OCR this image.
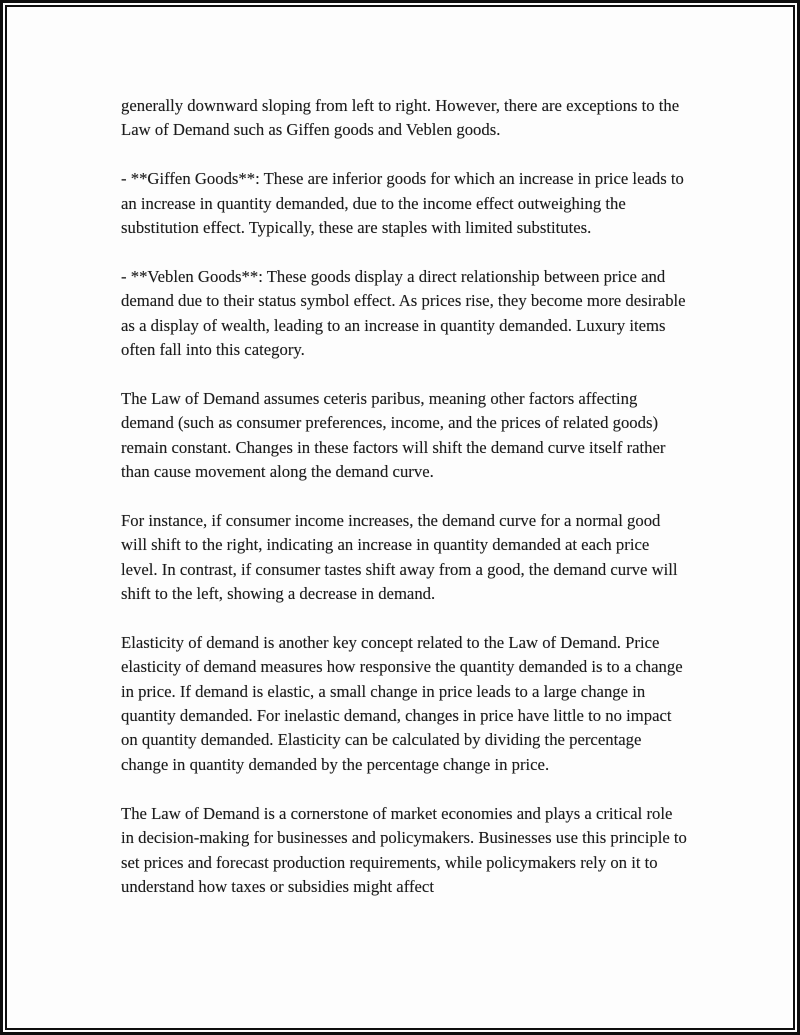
generally downward sloping from left to right. However, there are exceptions to the Law of Demand such as Giffen goods and Veblen goods.

- **Giffen Goods**: These are inferior goods for which an increase in price leads to an increase in quantity demanded, due to the income effect outweighing the substitution effect. Typically, these are staples with limited substitutes.

- **Veblen Goods**: These goods display a direct relationship between price and demand due to their status symbol effect. As prices rise, they become more desirable as a display of wealth, leading to an increase in quantity demanded. Luxury items often fall into this category.

The Law of Demand assumes ceteris paribus, meaning other factors affecting demand (such as consumer preferences, income, and the prices of related goods) remain constant. Changes in these factors will shift the demand curve itself rather than cause movement along the demand curve.

For instance, if consumer income increases, the demand curve for a normal good will shift to the right, indicating an increase in quantity demanded at each price level. In contrast, if consumer tastes shift away from a good, the demand curve will shift to the left, showing a decrease in demand.

Elasticity of demand is another key concept related to the Law of Demand. Price elasticity of demand measures how responsive the quantity demanded is to a change in price. If demand is elastic, a small change in price leads to a large change in quantity demanded. For inelastic demand, changes in price have little to no impact on quantity demanded. Elasticity can be calculated by dividing the percentage change in quantity demanded by the percentage change in price.

The Law of Demand is a cornerstone of market economies and plays a critical role in decision-making for businesses and policymakers. Businesses use this principle to set prices and forecast production requirements, while policymakers rely on it to understand how taxes or subsidies might affect
